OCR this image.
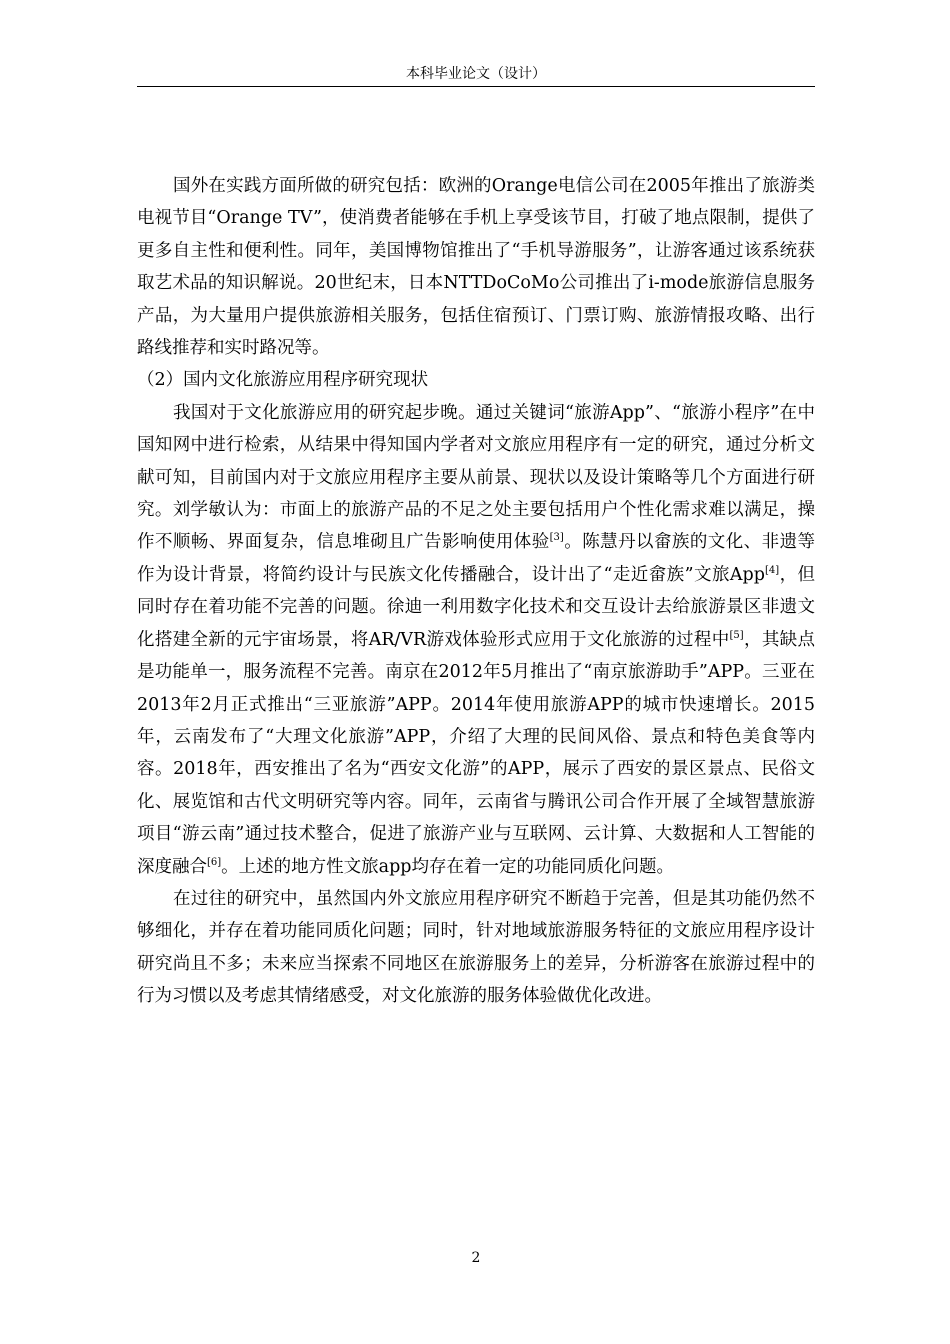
本科毕业论文（设计）

国外在实践方面所做的研究包括：欧洲的Orange电信公司在2005年推出了旅游类电视节目“Orange TV”，使消费者能够在手机上享受该节目，打破了地点限制，提供了更多自主性和便利性。同年，美国博物馆推出了“手机导游服务”，让游客通过该系统获取艺术品的知识解说。20世纪末，日本NTTDoCoMo公司推出了i-mode旅游信息服务产品，为大量用户提供旅游相关服务，包括住宿预订、门票订购、旅游情报攻略、出行路线推荐和实时路况等。

（2）国内文化旅游应用程序研究现状

我国对于文化旅游应用的研究起步晚。通过关键词“旅游App”、“旅游小程序”在中国知网中进行检索，从结果中得知国内学者对文旅应用程序有一定的研究，通过分析文献可知，目前国内对于文旅应用程序主要从前景、现状以及设计策略等几个方面进行研究。刘学敏认为：市面上的旅游产品的不足之处主要包括用户个性化需求难以满足，操作不顺畅、界面复杂，信息堆砌且广告影响使用体验[3]。陈慧丹以畲族的文化、非遗等作为设计背景，将简约设计与民族文化传播融合，设计出了“走近畲族”文旅App[4]，但同时存在着功能不完善的问题。徐迪一利用数字化技术和交互设计去给旅游景区非遗文化搭建全新的元宇宙场景，将AR/VR游戏体验形式应用于文化旅游的过程中[5]，其缺点是功能单一，服务流程不完善。南京在2012年5月推出了“南京旅游助手”APP。三亚在2013年2月正式推出“三亚旅游”APP。2014年使用旅游APP的城市快速增长。2015年，云南发布了“大理文化旅游”APP，介绍了大理的民间风俗、景点和特色美食等内容。2018年，西安推出了名为“西安文化游”的APP，展示了西安的景区景点、民俗文化、展览馆和古代文明研究等内容。同年，云南省与腾讯公司合作开展了全域智慧旅游项目“游云南”通过技术整合，促进了旅游产业与互联网、云计算、大数据和人工智能的深度融合[6]。上述的地方性文旅app均存在着一定的功能同质化问题。

在过往的研究中，虽然国内外文旅应用程序研究不断趋于完善，但是其功能仍然不够细化，并存在着功能同质化问题；同时，针对地域旅游服务特征的文旅应用程序设计研究尚且不多；未来应当探索不同地区在旅游服务上的差异，分析游客在旅游过程中的行为习惯以及考虑其情绪感受，对文化旅游的服务体验做优化改进。

2
